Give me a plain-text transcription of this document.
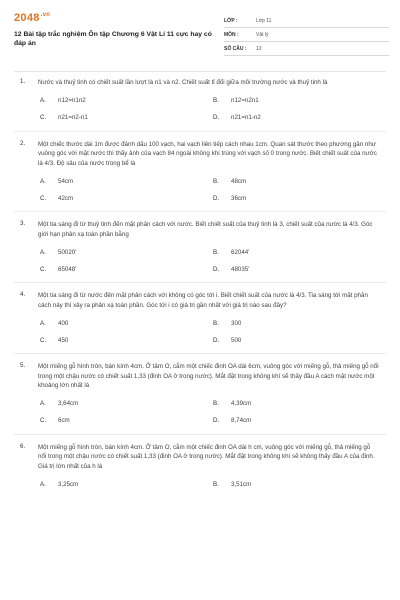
$2048^{.vn}$
12 Bài tập trắc nghiệm Ôn tập Chương 6 Vật Lí 11 cực hay có đáp án
LỚP :	Lớp 11
MÔN :	Vật lý
SỐ CÂU :	12
1. Nước và thuỷ tinh có chiết suất lần lượt là n1 và n2. Chiết suất tỉ đối giữa môi trường nước và thuỷ tinh là
A.	n12=n1n2	B.	n12=n2n1
C.	n21=n2-n1	D.	n21=n1-n2
2. Một chiếc thước dài 1m được đánh dấu 100 vạch, hai vạch liên tiếp cách nhau 1cm. Quan sát thước theo phương gần như vuông góc với mặt nước thì thấy ảnh của vạch 84 ngoài không khí trùng với vạch số 0 trong nước. Biết chiết suất của nước là 4/3. Độ sâu của nước trong bể là
A.	54cm	B.	48cm
C.	42cm	D.	36cm
3. Một tia sáng đi từ thuỷ tinh đến mặt phân cách với nước. Biết chiết suất của thuỷ tinh là 3, chiết suất của nước là 4/3. Góc giới hạn phản xạ toàn phần bằng
A.	50020'	B.	62044'
C.	65048'	D.	48035'
4. Một tia sáng đi từ nước đến mặt phân cách với không có góc tới i. Biết chiết suất của nước là 4/3. Tia sáng tới mặt phân cách này thì xảy ra phản xạ toàn phần. Góc tới i có giá trị gần nhất với giá trị nào sau đây?
A.	400	B.	300
C.	450	D.	500
5. Một miếng gỗ hình tròn, bán kính 4cm. Ở tâm O, cắm một chiếc đinh OA dài 6cm, vuông góc với miếng gỗ, thả miếng gỗ nổi trong một chậu nước có chiết suất 1,33 (đinh OA ở trong nước). Mắt đặt trong không khí sẽ thấy đầu A cách mặt nước một khoảng lớn nhất là
A.	3,64cm	B.	4,39cm
C.	6cm	D.	8,74cm
6. Một miếng gỗ hình tròn, bán kính 4cm. Ở tâm O, cắm một chiếc đinh OA dài h cm, vuông góc với miếng gỗ, thả miếng gỗ nổi trong một chậu nước có chiết suất 1,33 (đinh OA ở trong nước). Mắt đặt trong không khí sẽ không thấy đầu A của đinh. Giá trị lớn nhất của h là
A.	3,25cm	B.	3,51cm
